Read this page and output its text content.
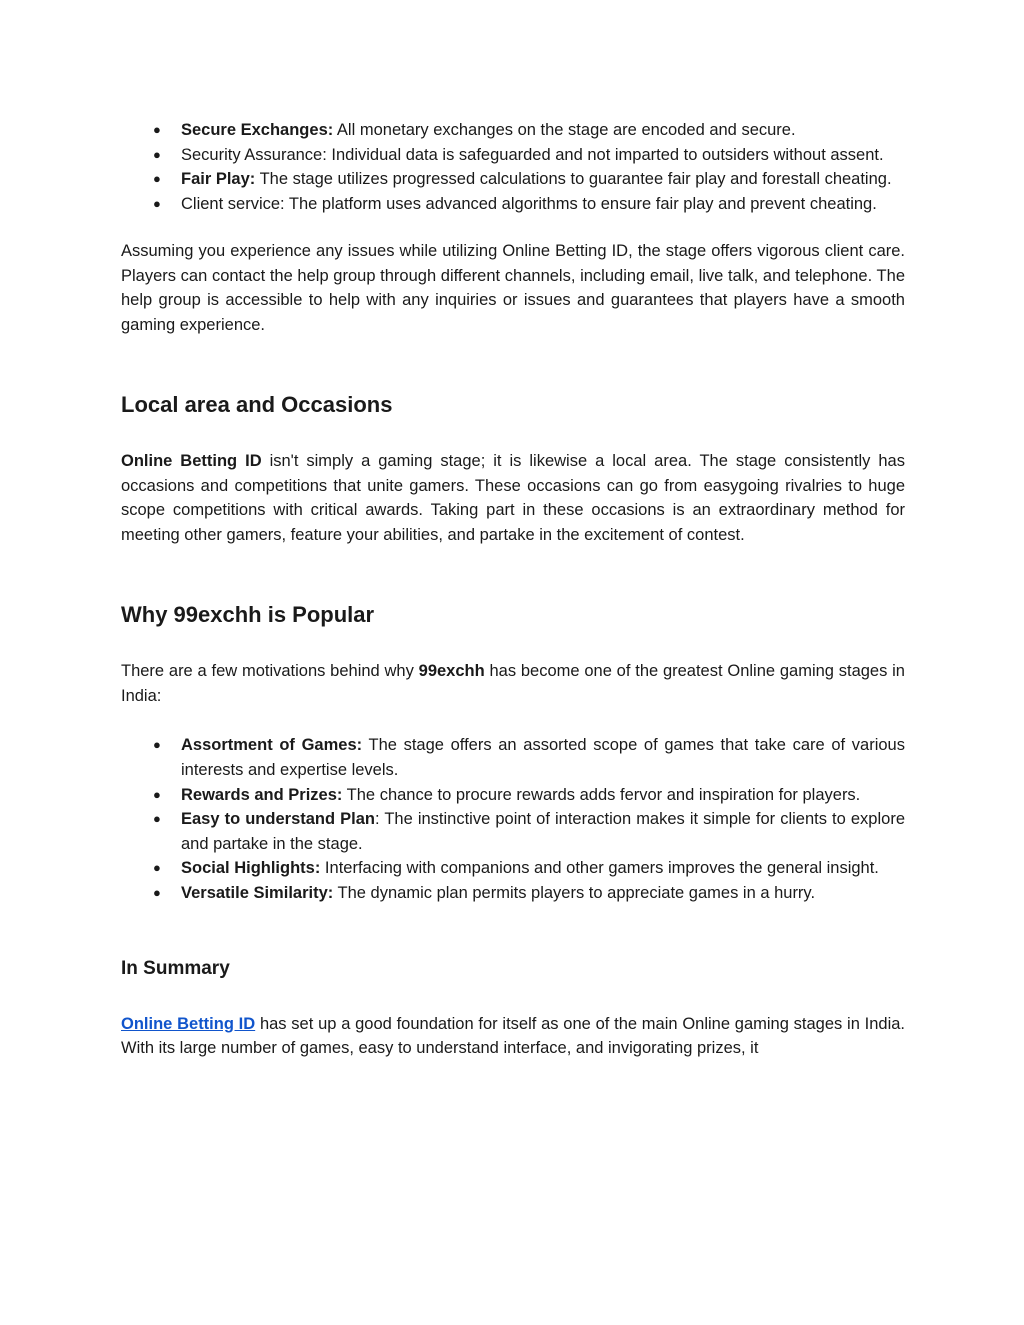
● Secure Exchanges: All monetary exchanges on the stage are encoded and secure.
● Security Assurance: Individual data is safeguarded and not imparted to outsiders without assent.
● Fair Play: The stage utilizes progressed calculations to guarantee fair play and forestall cheating.
● Client service: The platform uses advanced algorithms to ensure fair play and prevent cheating.

Assuming you experience any issues while utilizing Online Betting ID, the stage offers vigorous client care. Players can contact the help group through different channels, including email, live talk, and telephone. The help group is accessible to help with any inquiries or issues and guarantees that players have a smooth gaming experience.

Local area and Occasions

Online Betting ID isn't simply a gaming stage; it is likewise a local area. The stage consistently has occasions and competitions that unite gamers. These occasions can go from easygoing rivalries to huge scope competitions with critical awards. Taking part in these occasions is an extraordinary method for meeting other gamers, feature your abilities, and partake in the excitement of contest.

Why 99exchh is Popular

There are a few motivations behind why 99exchh has become one of the greatest Online gaming stages in India:

● Assortment of Games: The stage offers an assorted scope of games that take care of various interests and expertise levels.
● Rewards and Prizes: The chance to procure rewards adds fervor and inspiration for players.
● Easy to understand Plan: The instinctive point of interaction makes it simple for clients to explore and partake in the stage.
● Social Highlights: Interfacing with companions and other gamers improves the general insight.
● Versatile Similarity: The dynamic plan permits players to appreciate games in a hurry.
In Summary

Online Betting ID has set up a good foundation for itself as one of the main Online gaming stages in India. With its large number of games, easy to understand interface, and invigorating prizes, it
